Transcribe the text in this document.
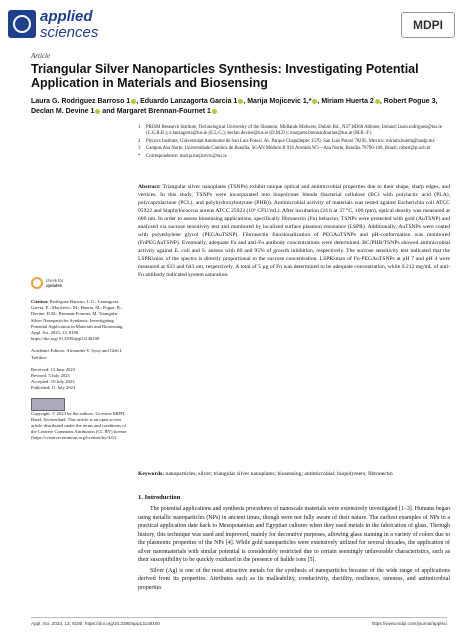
applied
sciences	MDPI
Article
Triangular Silver Nanoparticles Synthesis: Investigating Potential Application in Materials and Biosensing
Laura G. Rodriguez Barroso 1 , Eduardo Lanzagorta Garcia 1 , Marija Mojicevic 1,* , Miriam Huerta 2 , Robert Pogue 3, Declan M. Devine 1 and Margaret Brennan-Fournet 1
1 PRISM Research Institute, Technological University of the Shannon: Midlands Midwest, Dublin Rd., N37 HD68 Athlone, Ireland; laura.rodriguez@tus.ie (L.G.R.B.); e.lanzagorta@tus.ie (E.L.G.); declan.devine@tus.ie (D.M.D.); margaret.brennanfournet@tus.ie (M.B.-F.)
2 Physics Institute, Universidad Autónoma de San Luis Potosí, Av. Parque Chapultepec 1570, San Luis Potosí 78295, Mexico; miriam.huerta@uaslp.mx
3 Campus Asa Norte, Universidade Católica de Brasília, SGAN Módulo B 916 Avenida W5—Asa Norte, Brasília 70790-160, Brazil; robert@p.ucb.br
* Correspondence: marija.mojicevic@tus.ie
Abstract: Triangular silver nanoplates (TSNPs) exhibit unique optical and antimicrobial properties due to their shape, sharp edges, and vertices. In this study, TSNPs were incorporated into biopolymer blends (bacterial cellulose (BC) with polylactic acid (PLA), polycaprolactone (PCL), and polyhydroxybutyrate (PHB)). Antimicrobial activity of materials was tested against Escherichia coli ATCC 95922 and Staphylococcus aureus ATCC 25923 (10⁶ CFU/mL). After incubation (24 h at 37 °C, 100 rpm), optical density was measured at 600 nm. In order to assess biosensing applications, specifically fibronectin (Fn) behavior, TSNPs were protected with gold (AuTSNP) and analyzed via sucrose sensitivity test and monitored by localized surface plasmon resonance (LSPR). Additionally, AuTSNPs were coated with polyethylene glycol (PEGAuTSNP). Fibronectin functionalization of PEGAuTSNPs and pH-conformation was monitored (FnPEGAuTSNP). Eventually, adequate Fn and anti-Fn antibody concentrations were determined. BC/PHB/TSNPs showed antimicrobial activity against E. coli and S. aureus with 80 and 95% of growth inhibition, respectively. The sucrose sensitivity test indicated that the LSPRλmax of the spectra is directly proportional to the sucrose concentration. LSPRλmax of Fn-PEGAuTSNPs at pH 7 and pH 4 were measured at 633 and 643 nm, respectively. A total of 5 µg of Fn was determined to be adequate concentration, while 0.212 mg/mL of anti-Fn antibody indicated system saturation.
Keywords: nanoparticles; silver; triangular silver nanoplates; biosensing; antimicrobial; biopolymers; fibronectin
check for
updates
Citation: Rodriguez Barroso, L.G.; Lanzagorta Garcia, E.; Mojicevic, M.; Huerta, M.; Pogue, R.; Devine, D.M.; Brennan-Fournet, M. Triangular Silver Nanoparticles Synthesis: Investigating Potential Application in Materials and Biosensing. Appl. Sci. 2023, 13, 8100. https://doi.org/10.3390/app13148100
Academic Editors: Alexander V. Syuy and Gleb I. Tselikov
Received: 13 June 2023
Revised: 3 July 2023
Accepted: 10 July 2023
Published: 11 July 2023

Copyright: © 2023 by the authors. Licensee MDPI, Basel, Switzerland. This article is an open access article distributed under the terms and conditions of the Creative Commons Attribution (CC BY) license (https://creativecommons.org/licenses/by/4.0/).
1. Introduction

The potential applications and synthesis procedures of nanoscale materials were extensively investigated [1–3]. Humans began using metallic nanoparticles (NPs) in ancient times, though were not fully aware of their nature. The earliest examples of NPs in a practical application date back to Mesopotamian and Egyptian cultures when they used metals in the fabrication of glass. Through history, this technique was used and improved, mainly for decorative purposes, allowing glass staining in a variety of colors due to the plasmonic properties of the NPs [4]. While gold nanoparticles were extensively utilized for several decades, the application of silver nanomaterials with similar potential is considerably restricted due to certain seemingly unfavorable characteristics, such as their susceptibility to be quickly oxidized in the presence of halide ions [5].

Silver (Ag) is one of the most attractive metals for the synthesis of nanoparticles because of the wide range of applications derived from its properties. Attributes such as its malleability, conductivity, ductility, resilience, rareness, and antimicrobial properties

Appl. Sci. 2023, 13, 8100. https://doi.org/10.3390/app13148100	https://www.mdpi.com/journal/applsci
